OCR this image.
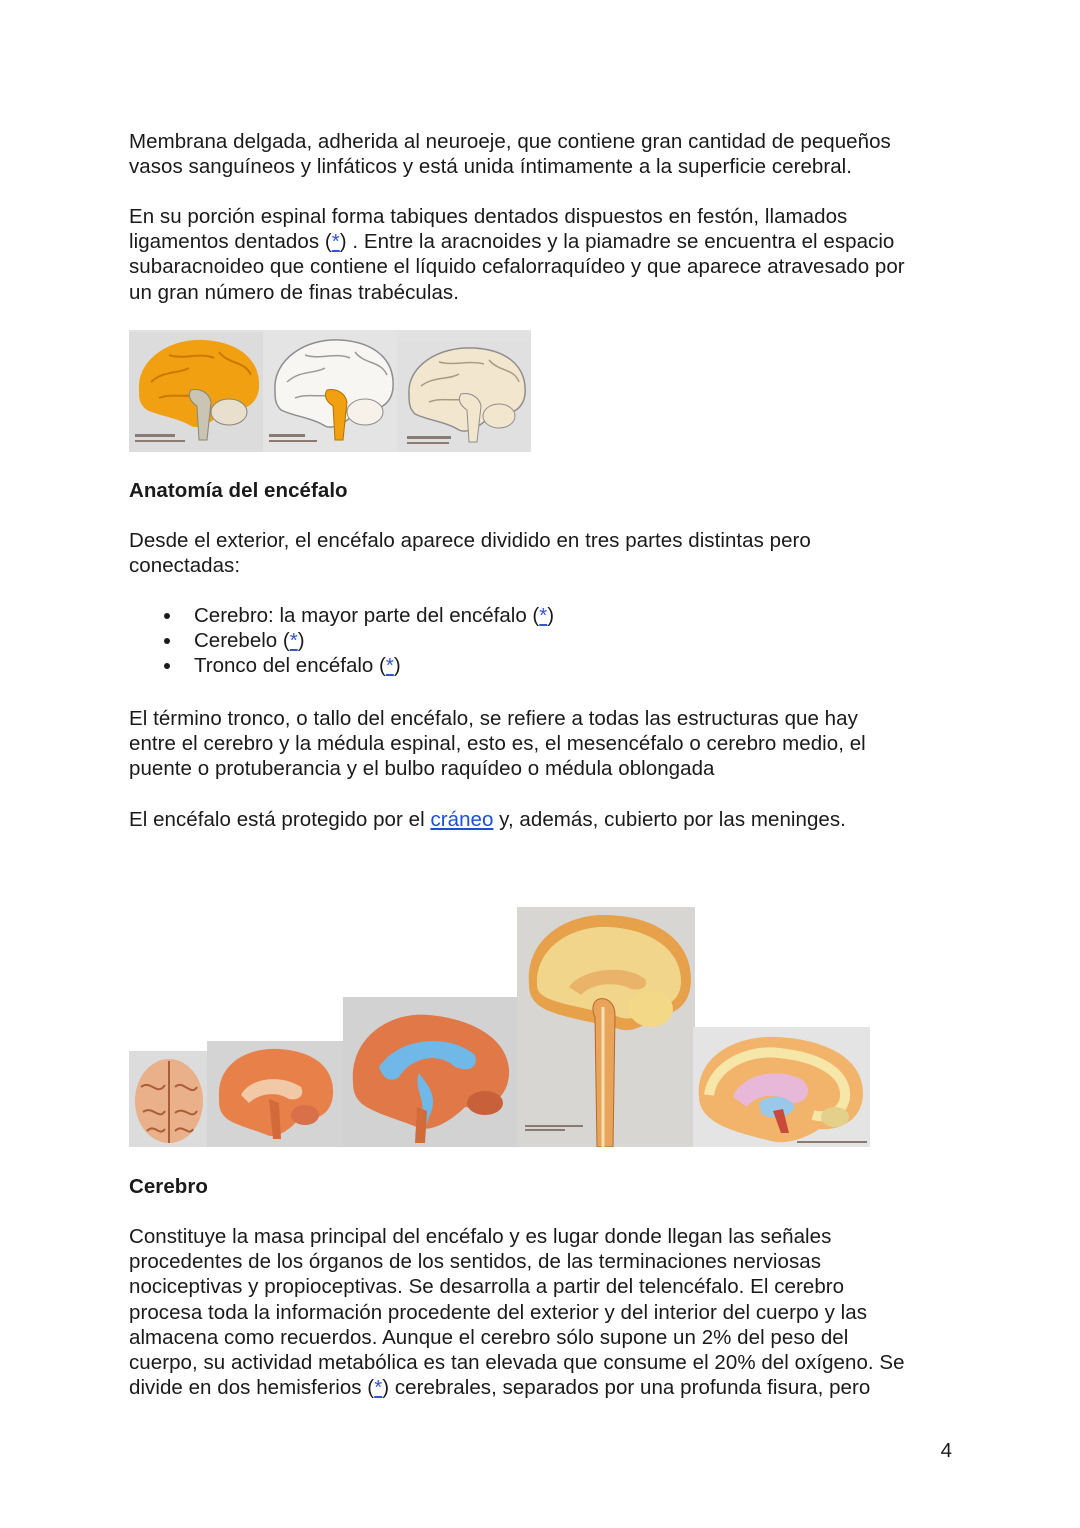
Membrana delgada, adherida al neuroeje, que contiene gran cantidad de pequeños
vasos sanguíneos y linfáticos y está unida íntimamente a la superficie cerebral.
En su porción espinal forma tabiques dentados dispuestos en festón, llamados
ligamentos dentados (*) . Entre la aracnoides y la piamadre se encuentra el espacio
subaracnoideo que contiene el líquido cefalorraquídeo y que aparece atravesado por
un gran número de finas trabéculas.
Anatomía del encéfalo
Desde el exterior, el encéfalo aparece dividido en tres partes distintas pero
conectadas:
Cerebro: la mayor parte del encéfalo (*)
Cerebelo (*)
Tronco del encéfalo (*)
El término tronco, o tallo del encéfalo, se refiere a todas las estructuras que hay
entre el cerebro y la médula espinal, esto es, el mesencéfalo o cerebro medio, el
puente o protuberancia y el bulbo raquídeo o médula oblongada
El encéfalo está protegido por el cráneo y, además, cubierto por las meninges.
Cerebro
Constituye la masa principal del encéfalo y es lugar donde llegan las señales
procedentes de los órganos de los sentidos, de las terminaciones nerviosas
nociceptivas y propioceptivas. Se desarrolla a partir del telencéfalo. El cerebro
procesa toda la información procedente del exterior y del interior del cuerpo y las
almacena como recuerdos. Aunque el cerebro sólo supone un 2% del peso del
cuerpo, su actividad metabólica es tan elevada que consume el 20% del oxígeno. Se
divide en dos hemisferios (*) cerebrales, separados por una profunda fisura, pero
4
